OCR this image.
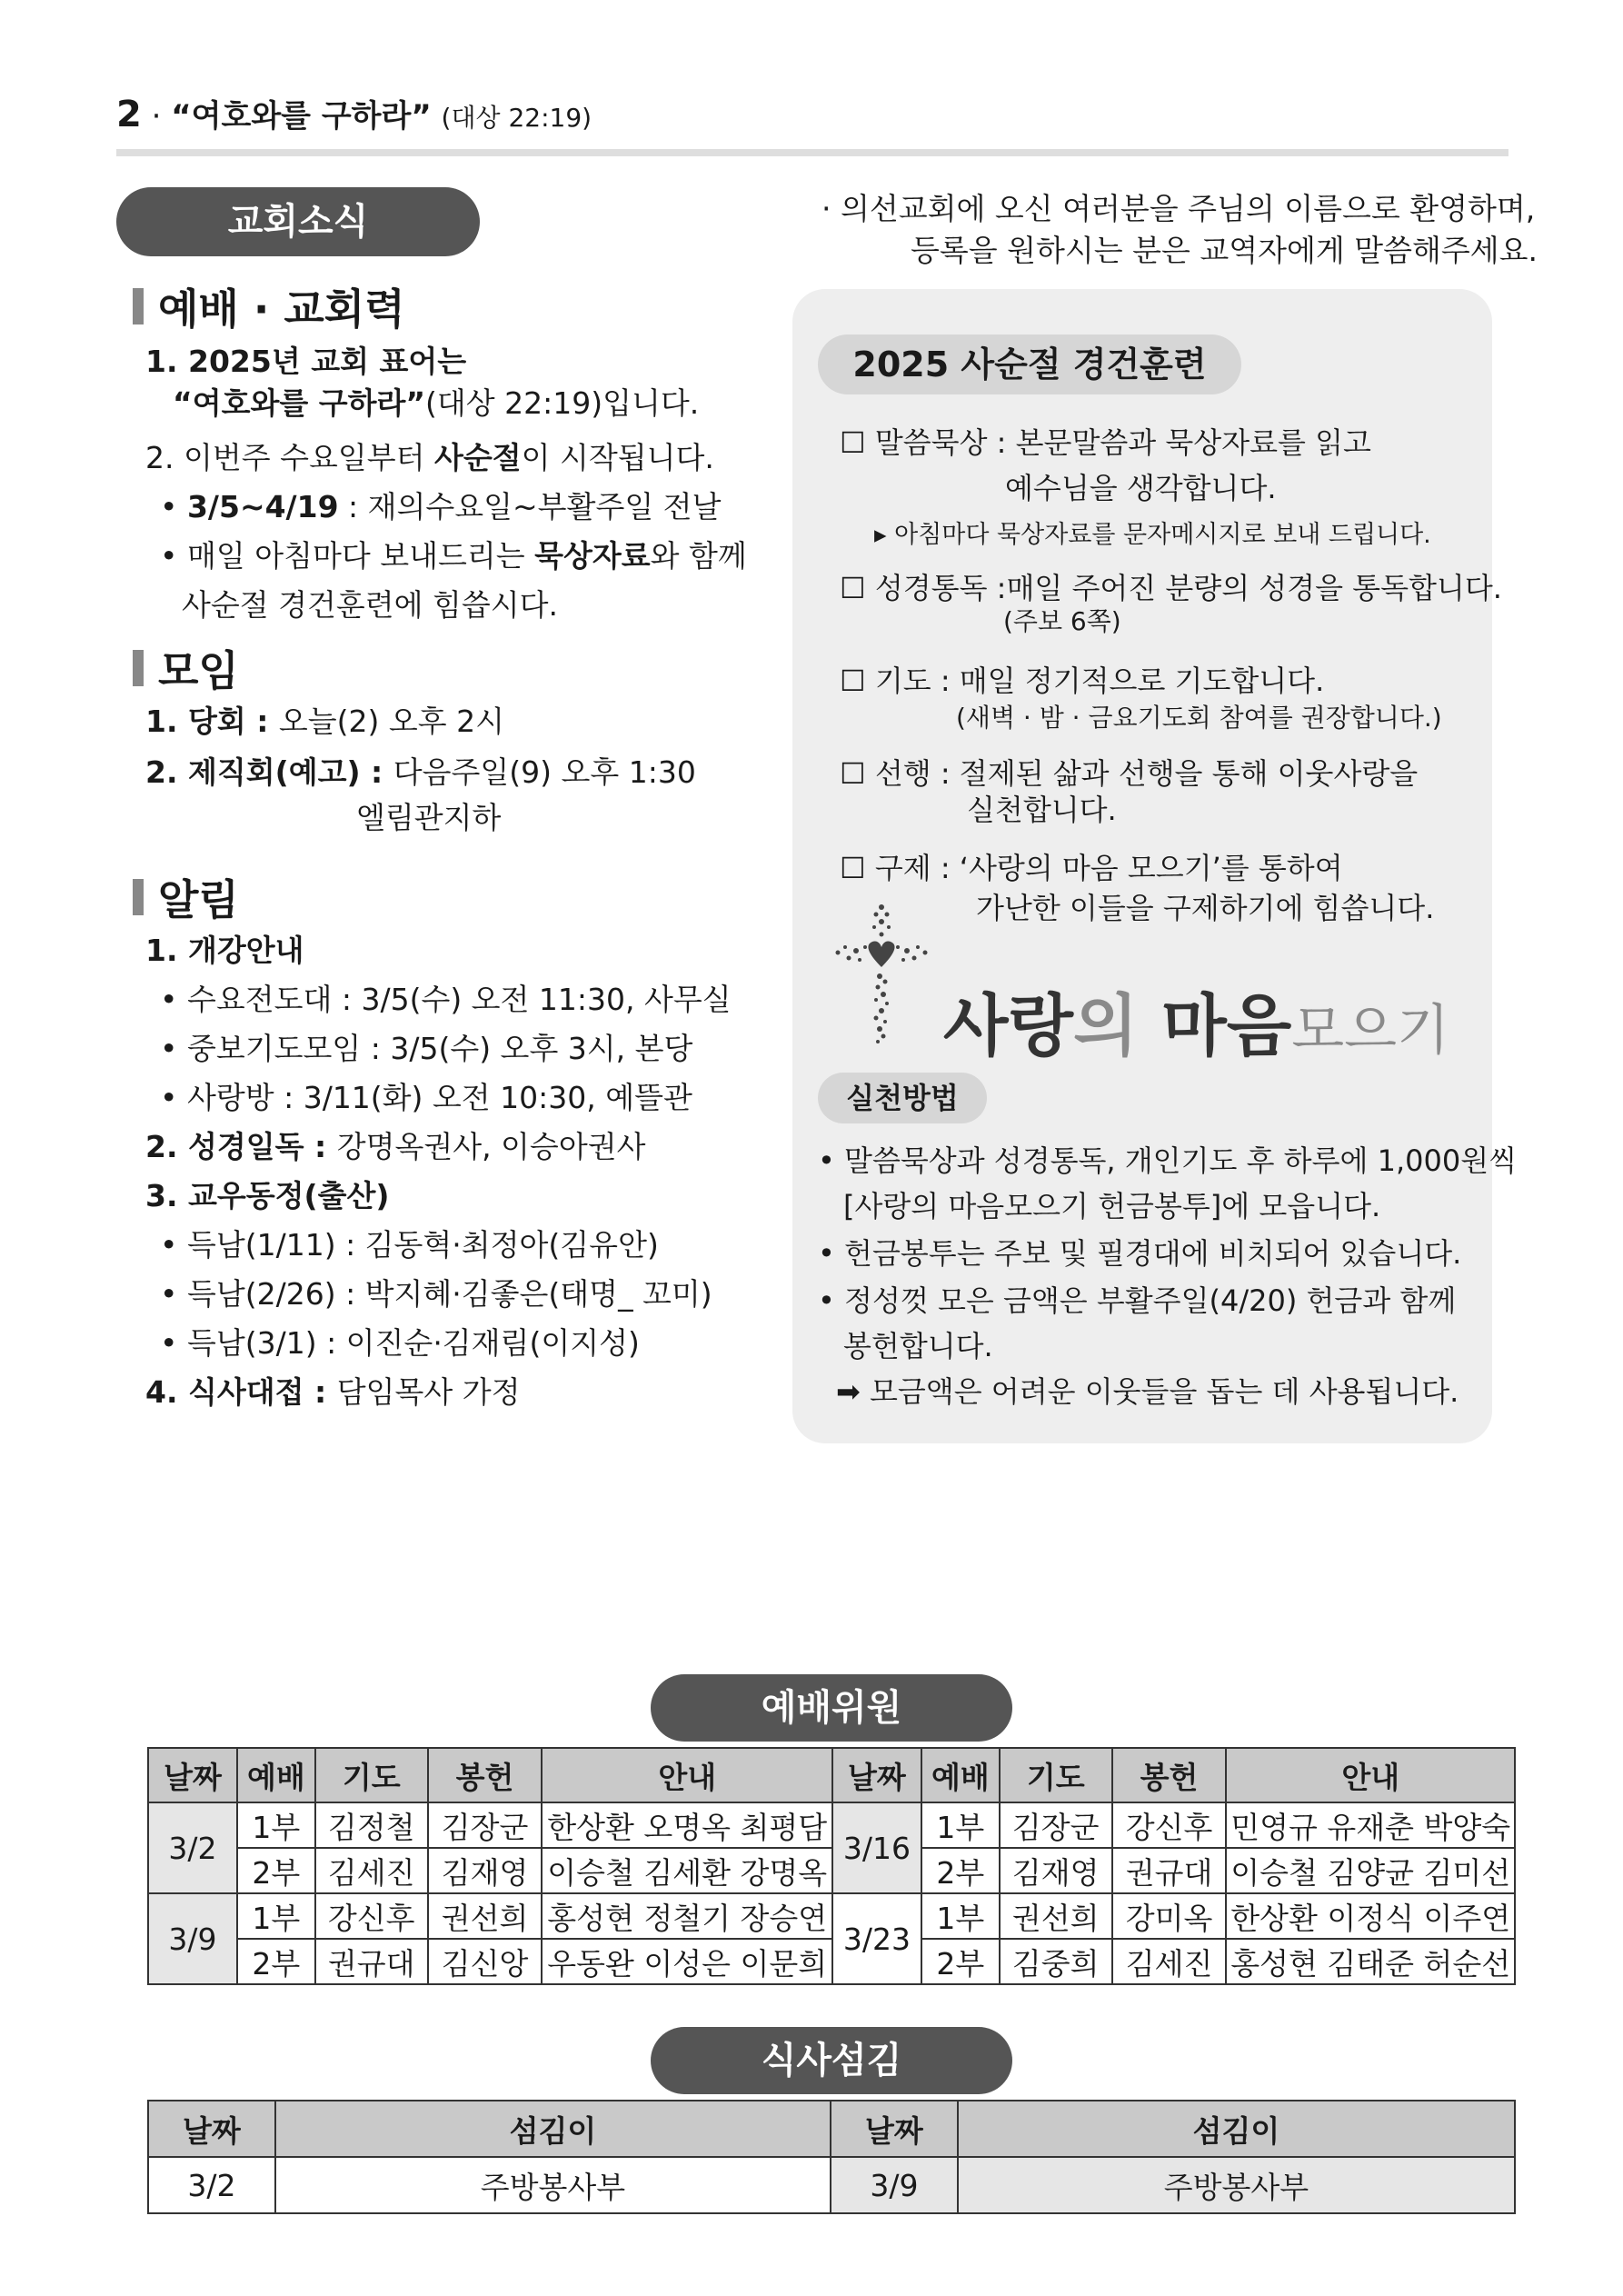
2 · “여호와를 구하라” (대상 22:19)
교회소식
예배 · 교회력
1. 2025년 교회 표어는
“여호와를 구하라”(대상 22:19)입니다.
2. 이번주 수요일부터 사순절이 시작됩니다.
• 3/5~4/19 : 재의수요일~부활주일 전날
• 매일 아침마다 보내드리는 묵상자료와 함께
사순절 경건훈련에 힘씁시다.
모임
1. 당회 : 오늘(2) 오후 2시
2. 제직회(예고) : 다음주일(9) 오후 1:30
엘림관지하
알림
1. 개강안내
• 수요전도대 : 3/5(수) 오전 11:30, 사무실
• 중보기도모임 : 3/5(수) 오후 3시, 본당
• 사랑방 : 3/11(화) 오전 10:30, 예뜰관
2. 성경일독 : 강명옥권사, 이승아권사
3. 교우동정(출산)
• 득남(1/11) : 김동혁·최정아(김유안)
• 득남(2/26) : 박지혜·김좋은(태명_ 꼬미)
• 득남(3/1) : 이진순·김재림(이지성)
4. 식사대접 : 담임목사 가정
· 의선교회에 오신 여러분을 주님의 이름으로 환영하며,
등록을 원하시는 분은 교역자에게 말씀해주세요.
2025 사순절 경건훈련
☐ 말씀묵상 : 본문말씀과 묵상자료를 읽고
예수님을 생각합니다.
▸ 아침마다 묵상자료를 문자메시지로 보내 드립니다.
☐ 성경통독 :매일 주어진 분량의 성경을 통독합니다.
(주보 6쪽)
☐ 기도 : 매일 정기적으로 기도합니다.
(새벽 · 밤 · 금요기도회 참여를 권장합니다.)
☐ 선행 : 절제된 삶과 선행을 통해 이웃사랑을
실천합니다.
☐ 구제 : ‘사랑의 마음 모으기’를 통하여
가난한 이들을 구제하기에 힘씁니다.
사랑의 마음모으기
실천방법
• 말씀묵상과 성경통독, 개인기도 후 하루에 1,000원씩
[사랑의 마음모으기 헌금봉투]에 모읍니다.
• 헌금봉투는 주보 및 필경대에 비치되어 있습니다.
• 정성껏 모은 금액은 부활주일(4/20) 헌금과 함께
봉헌합니다.
➡ 모금액은 어려운 이웃들을 돕는 데 사용됩니다.
예배위원
날짜	예배	기도	봉헌	안내	날짜	예배	기도	봉헌	안내
3/2	1부	김정철	김장군	한상환 오명옥 최평담	3/16	1부	김장군	강신후	민영규 유재춘 박양숙
	2부	김세진	김재영	이승철 김세환 강명옥		2부	김재영	권규대	이승철 김양균 김미선
3/9	1부	강신후	권선희	홍성현 정철기 장승연	3/23	1부	권선희	강미옥	한상환 이정식 이주연
	2부	권규대	김신앙	우동완 이성은 이문희		2부	김중희	김세진	홍성현 김태준 허순선
식사섬김
날짜	섬김이	날짜	섬김이
3/2	주방봉사부	3/9	주방봉사부
